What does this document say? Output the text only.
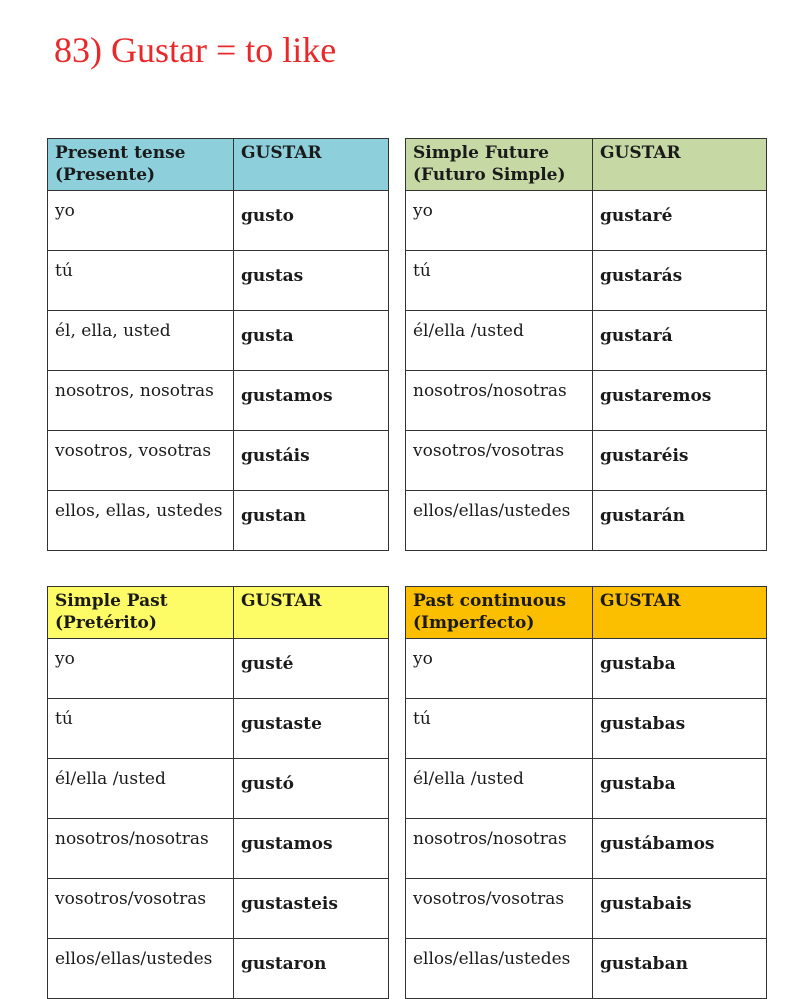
83) Gustar = to like
Present tense
(Presente)	GUSTAR
yo	gusto
tú	gustas
él, ella, usted	gusta
nosotros, nosotras	gustamos
vosotros, vosotras	gustáis
ellos, ellas, ustedes	gustan
Simple Future
(Futuro Simple)	GUSTAR
yo	gustaré
tú	gustarás
él/ella /usted	gustará
nosotros/nosotras	gustaremos
vosotros/vosotras	gustaréis
ellos/ellas/ustedes	gustarán
Simple Past
(Pretérito)	GUSTAR
yo	gusté
tú	gustaste
él/ella /usted	gustó
nosotros/nosotras	gustamos
vosotros/vosotras	gustasteis
ellos/ellas/ustedes	gustaron
Past continuous
(Imperfecto)	GUSTAR
yo	gustaba
tú	gustabas
él/ella /usted	gustaba
nosotros/nosotras	gustábamos
vosotros/vosotras	gustabais
ellos/ellas/ustedes	gustaban
